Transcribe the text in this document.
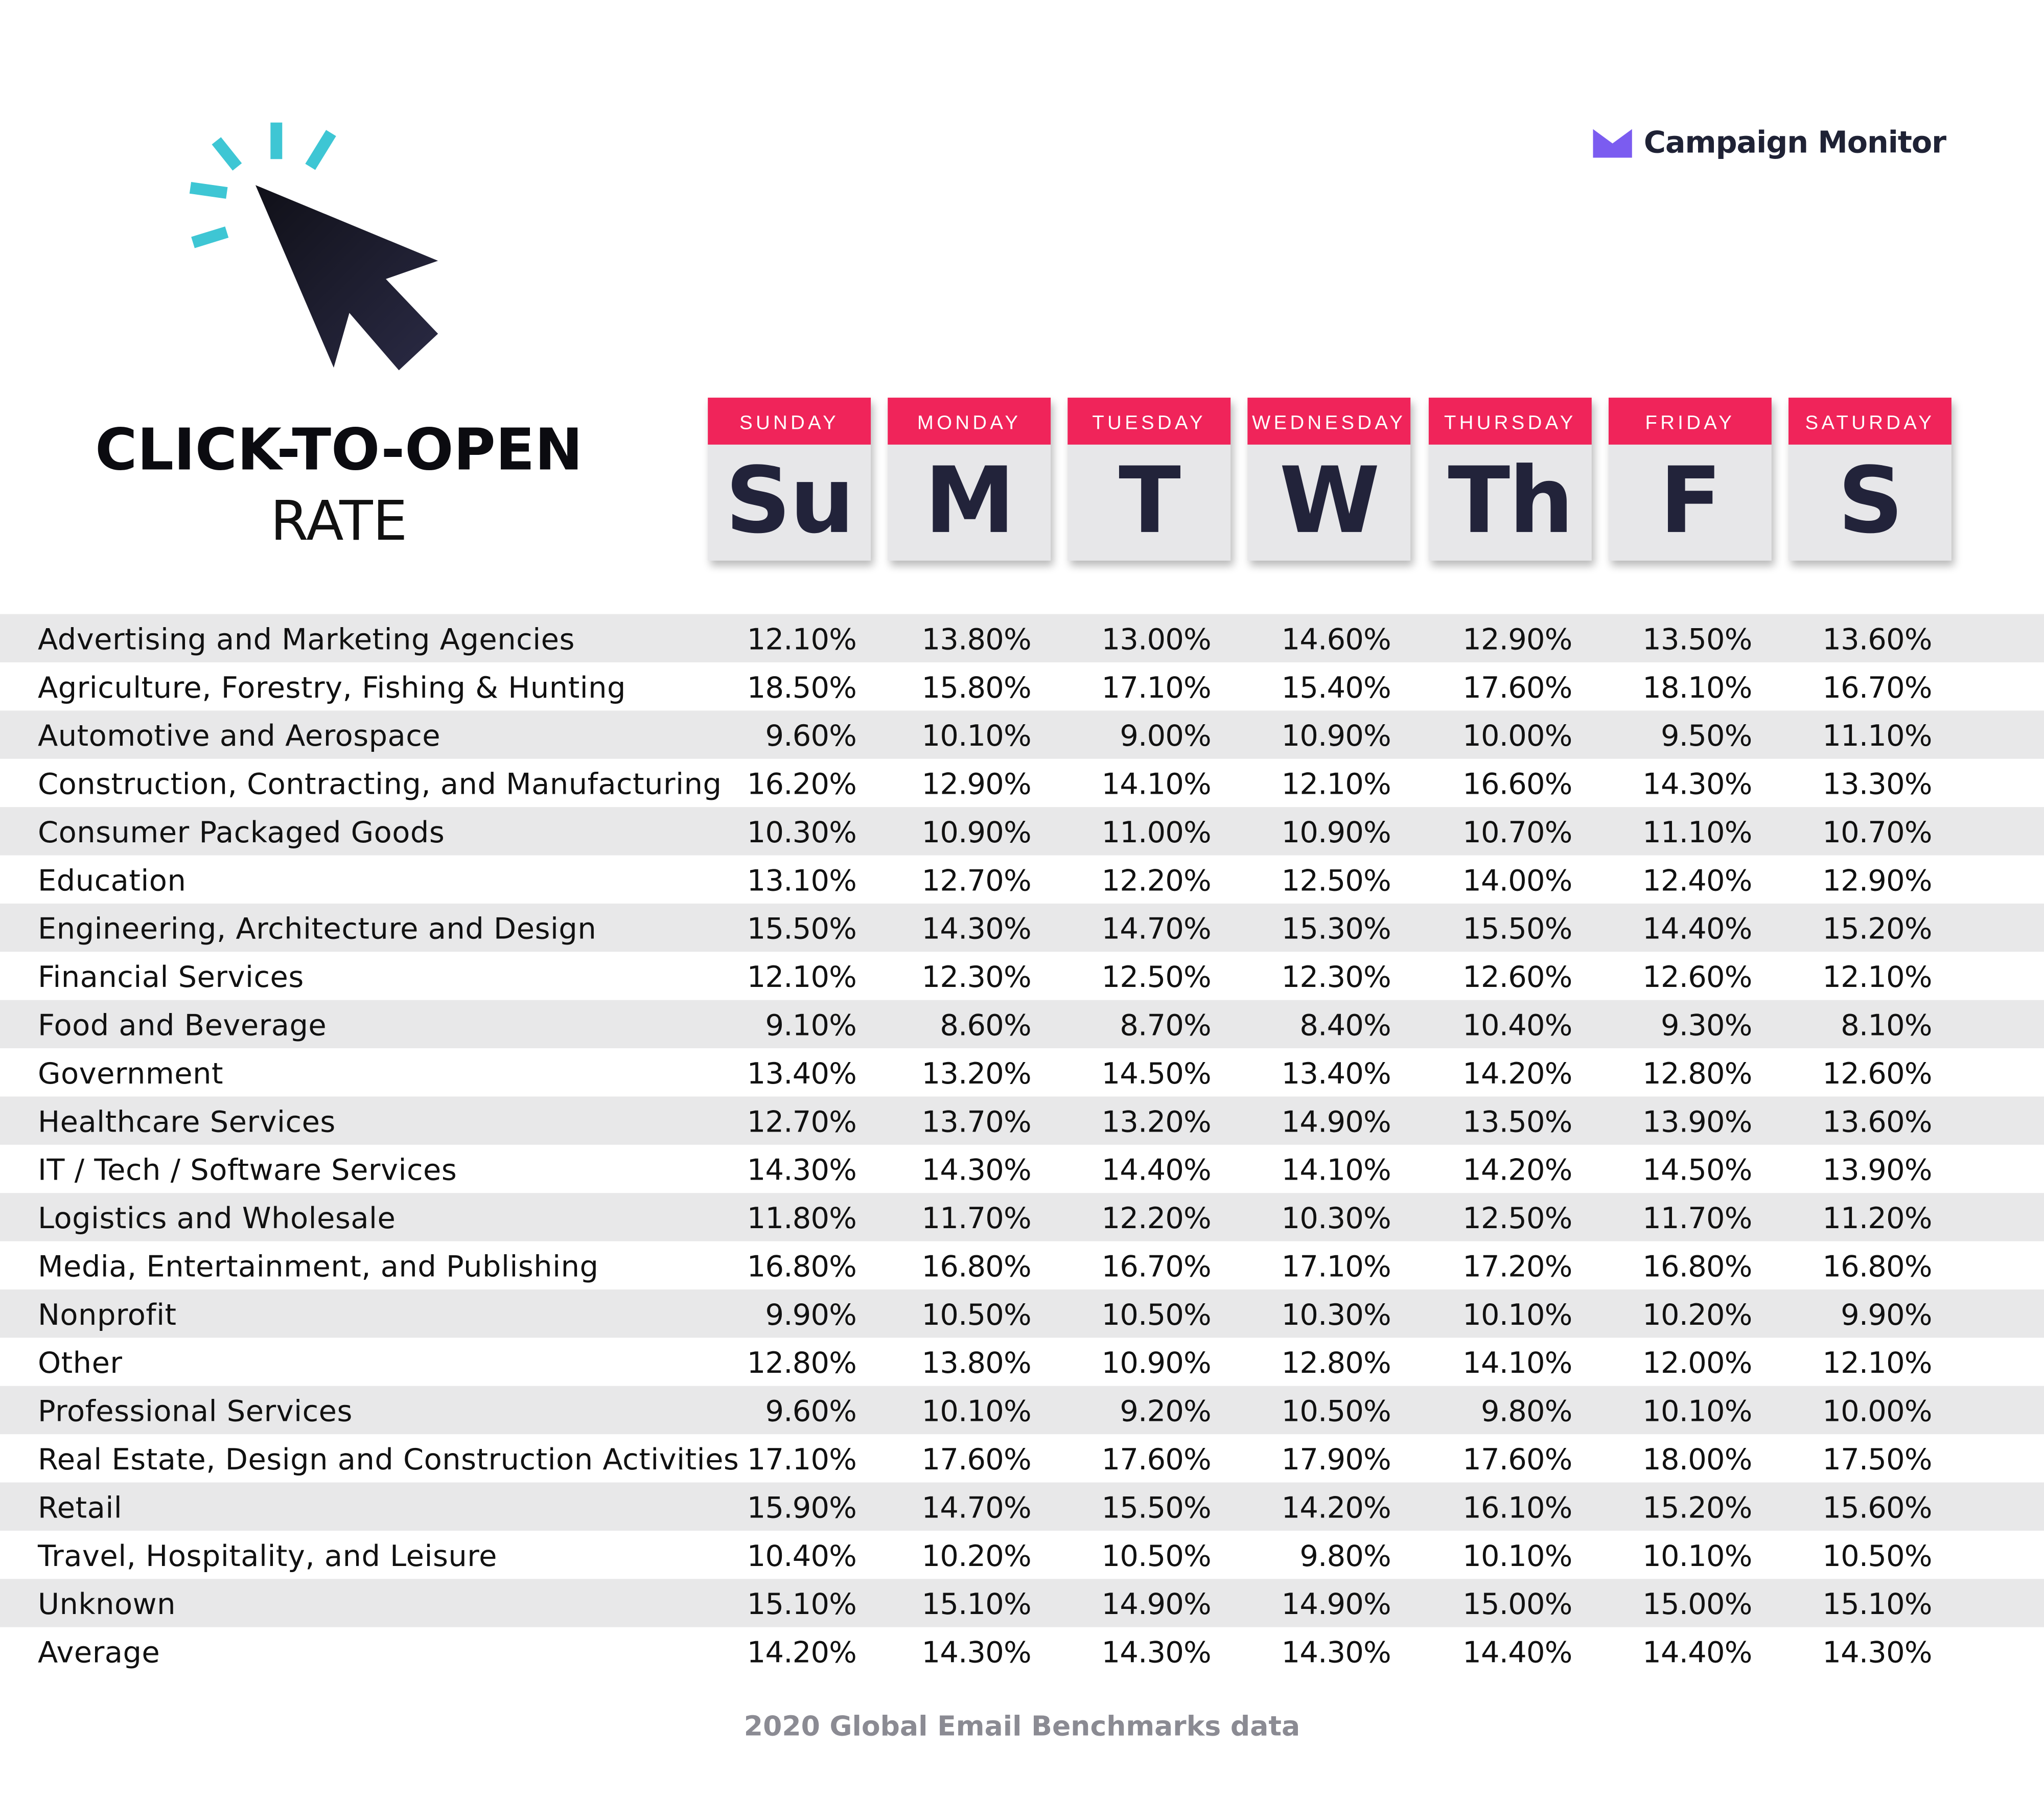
CLICK-TO-OPEN
RATE
Campaign Monitor
SUNDAY
Su
MONDAY
M
TUESDAY
T
WEDNESDAY
W
THURSDAY
Th
FRIDAY
F
SATURDAY
S
Advertising and Marketing Agencies	12.10%	13.80%	13.00%	14.60%	12.90%	13.50%	13.60%
Agriculture, Forestry, Fishing & Hunting	18.50%	15.80%	17.10%	15.40%	17.60%	18.10%	16.70%
Automotive and Aerospace	9.60%	10.10%	9.00%	10.90%	10.00%	9.50%	11.10%
Construction, Contracting, and Manufacturing	16.20%	12.90%	14.10%	12.10%	16.60%	14.30%	13.30%
Consumer Packaged Goods	10.30%	10.90%	11.00%	10.90%	10.70%	11.10%	10.70%
Education	13.10%	12.70%	12.20%	12.50%	14.00%	12.40%	12.90%
Engineering, Architecture and Design	15.50%	14.30%	14.70%	15.30%	15.50%	14.40%	15.20%
Financial Services	12.10%	12.30%	12.50%	12.30%	12.60%	12.60%	12.10%
Food and Beverage	9.10%	8.60%	8.70%	8.40%	10.40%	9.30%	8.10%
Government	13.40%	13.20%	14.50%	13.40%	14.20%	12.80%	12.60%
Healthcare Services	12.70%	13.70%	13.20%	14.90%	13.50%	13.90%	13.60%
IT / Tech / Software Services	14.30%	14.30%	14.40%	14.10%	14.20%	14.50%	13.90%
Logistics and Wholesale	11.80%	11.70%	12.20%	10.30%	12.50%	11.70%	11.20%
Media, Entertainment, and Publishing	16.80%	16.80%	16.70%	17.10%	17.20%	16.80%	16.80%
Nonprofit	9.90%	10.50%	10.50%	10.30%	10.10%	10.20%	9.90%
Other	12.80%	13.80%	10.90%	12.80%	14.10%	12.00%	12.10%
Professional Services	9.60%	10.10%	9.20%	10.50%	9.80%	10.10%	10.00%
Real Estate, Design and Construction Activities 17.10%	17.60%	17.60%	17.90%	17.60%	18.00%	17.50%
Retail	15.90%	14.70%	15.50%	14.20%	16.10%	15.20%	15.60%
Travel, Hospitality, and Leisure	10.40%	10.20%	10.50%	9.80%	10.10%	10.10%	10.50%
Unknown	15.10%	15.10%	14.90%	14.90%	15.00%	15.00%	15.10%
Average	14.20%	14.30%	14.30%	14.30%	14.40%	14.40%	14.30%
2020 Global Email Benchmarks data
